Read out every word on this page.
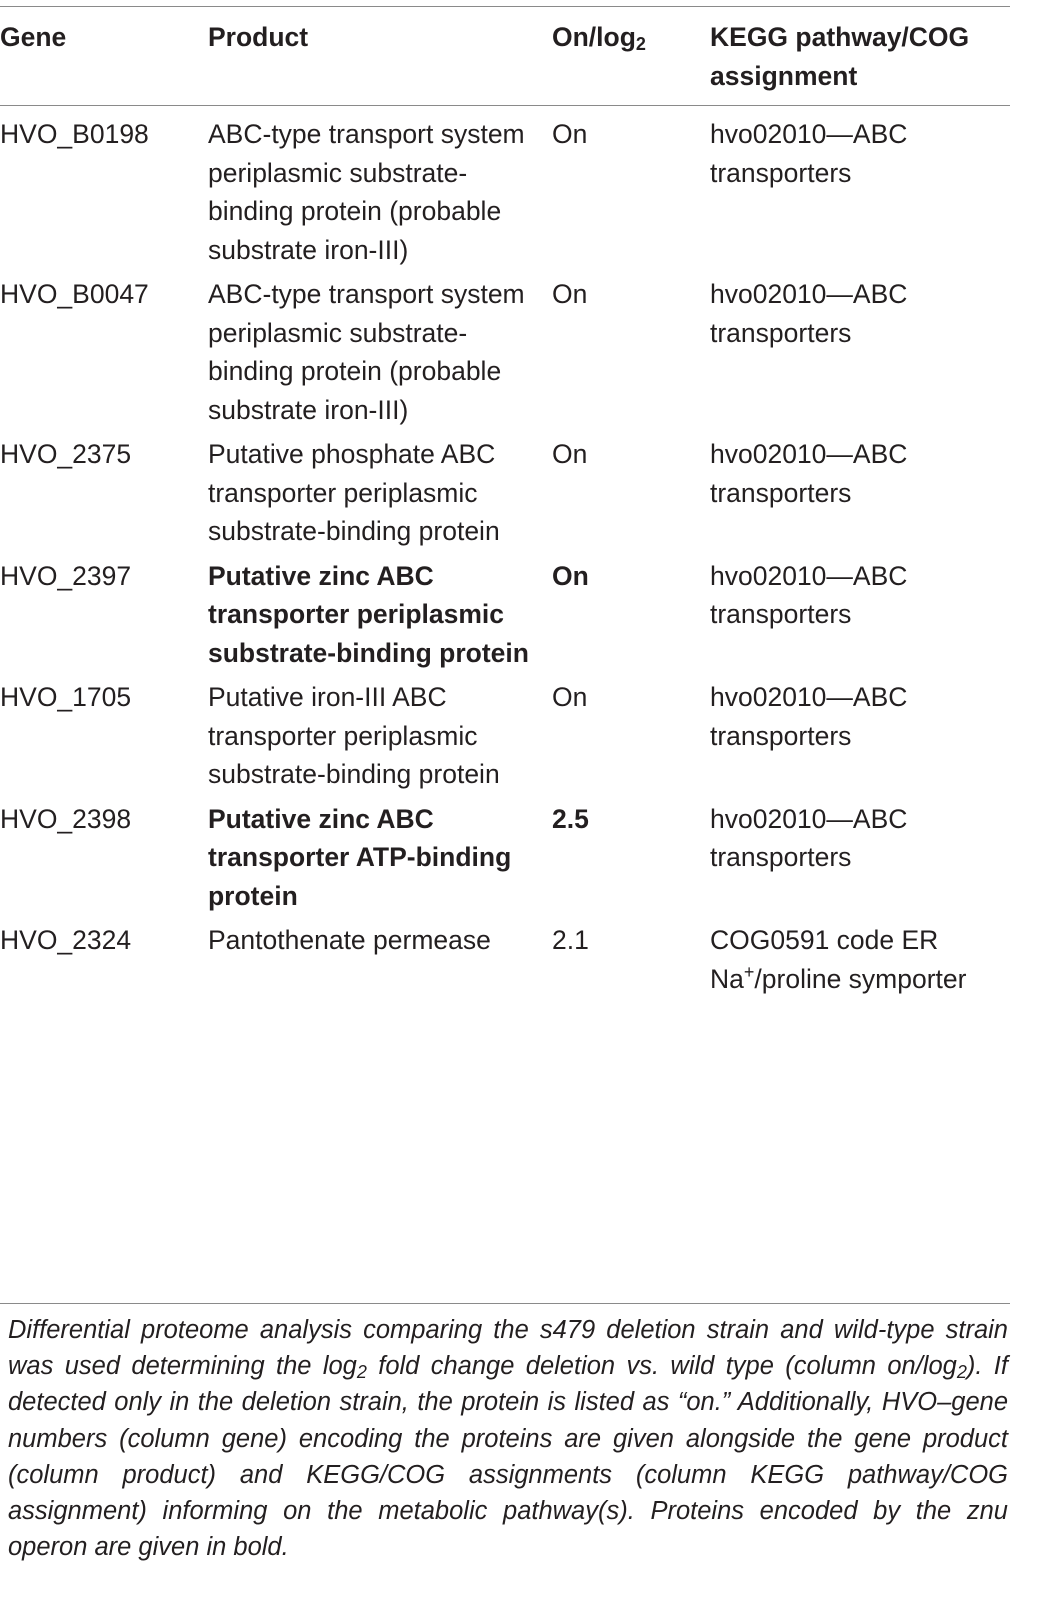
Gene	Product	$On/\log_2$	KEGG pathway/COG assignment
HVO_B0198	ABC-type transport system periplasmic substrate-binding protein (probable substrate iron-III)	On	hvo02010—ABC transporters
HVO_B0047	ABC-type transport system periplasmic substrate-binding protein (probable substrate iron-III)	On	hvo02010—ABC transporters
HVO_2375	Putative phosphate ABC transporter periplasmic substrate-binding protein	On	hvo02010—ABC transporters
HVO_2397	Putative zinc ABC transporter periplasmic substrate-binding protein	On	hvo02010—ABC transporters
HVO_1705	Putative iron-III ABC transporter periplasmic substrate-binding protein	On	hvo02010—ABC transporters
HVO_2398	Putative zinc ABC transporter ATP-binding protein	2.5	hvo02010—ABC transporters
HVO_2324	Pantothenate permease	2.1	COG0591 code ER
Na+/proline symporter

Differential proteome analysis comparing the s479 deletion strain and wild-type strain was used determining the $\log_2$ fold change deletion vs. wild type (column $on/\log_2$). If detected only in the deletion strain, the protein is listed as “on.” Additionally, HVO–gene numbers (column gene) encoding the proteins are given alongside the gene product (column product) and KEGG/COG assignments (column KEGG pathway/COG assignment) informing on the metabolic pathway(s). Proteins encoded by the znu operon are given in bold.
